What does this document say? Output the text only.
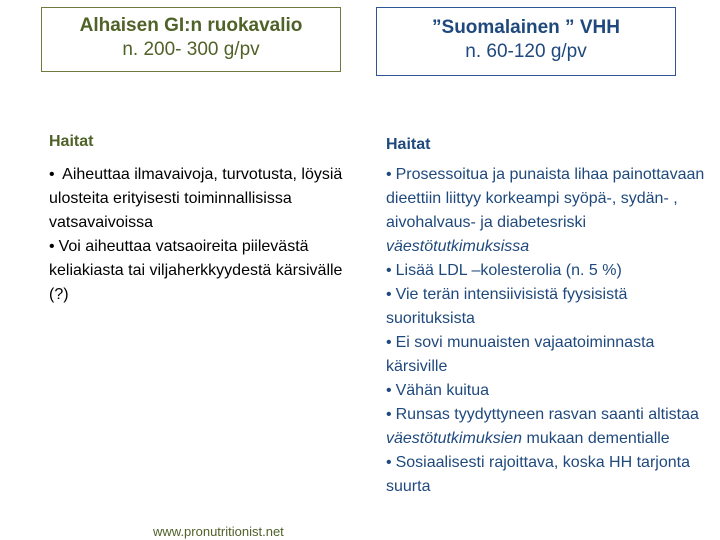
Alhaisen GI:n ruokavalio
n. 200- 300 g/pv
”Suomalainen ” VHH
n. 60-120 g/pv
Haitat
• Aiheuttaa ilmavaivoja, turvotusta, löysiä ulosteita erityisesti toiminnallisissa vatsavaivoissa
• Voi aiheuttaa vatsaoireita piilevästä keliakiasta tai viljaherkkyydestä kärsivälle (?)
Haitat
• Prosessoitua ja punaista lihaa painottavaan dieettiin liittyy korkeampi syöpä-, sydän- , aivohalvaus- ja diabetesriski väestötutkimuksissa
• Lisää LDL –kolesterolia (n. 5 %)
• Vie terän intensiivisistä fyysisistä suorituksista
• Ei sovi munuaisten vajaatoiminnasta kärsiville
• Vähän kuitua
• Runsas tyydyttyneen rasvan saanti altistaa väestötutkimuksien mukaan dementialle
• Sosiaalisesti rajoittava, koska HH tarjonta suurta
www.pronutritionist.net
